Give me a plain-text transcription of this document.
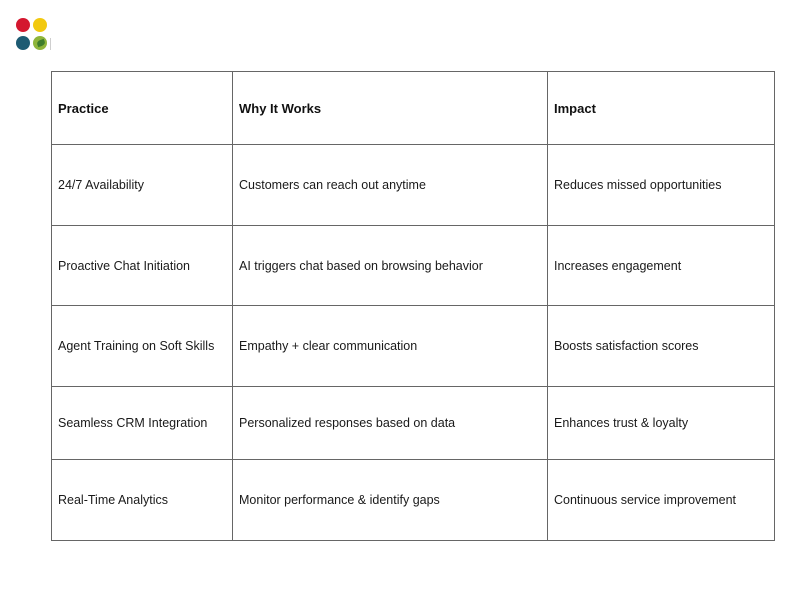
Practice	Why It Works	Impact
24/7 Availability	Customers can reach out anytime	Reduces missed opportunities
Proactive Chat Initiation	AI triggers chat based on browsing behavior	Increases engagement
Agent Training on Soft Skills	Empathy + clear communication	Boosts satisfaction scores
Seamless CRM Integration	Personalized responses based on data	Enhances trust & loyalty
Real-Time Analytics	Monitor performance & identify gaps	Continuous service improvement
